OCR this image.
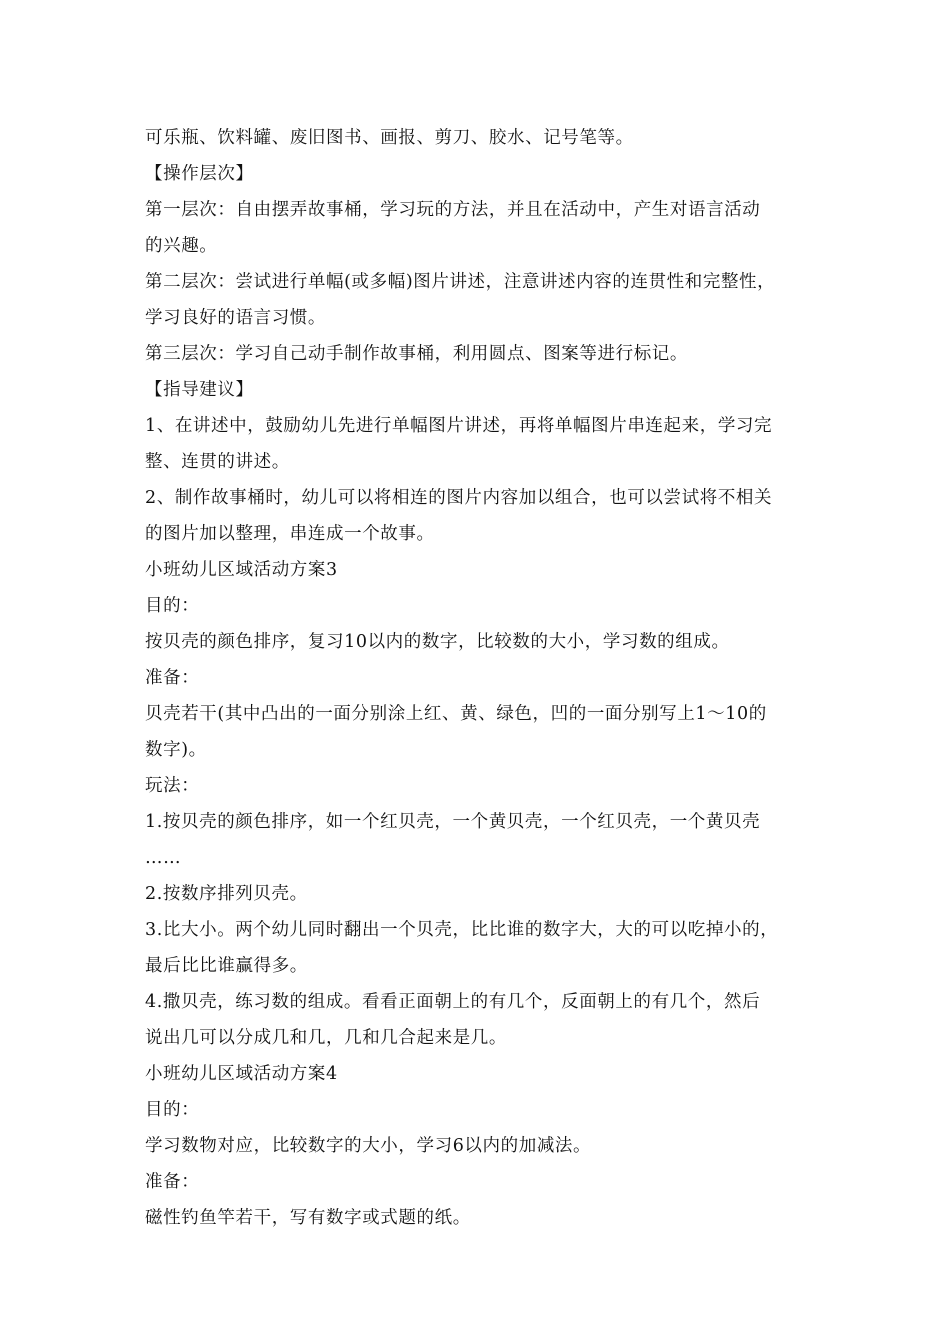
可乐瓶、饮料罐、废旧图书、画报、剪刀、胶水、记号笔等。
【操作层次】
第一层次：自由摆弄故事桶，学习玩的方法，并且在活动中，产生对语言活动
的兴趣。
第二层次：尝试进行单幅(或多幅)图片讲述，注意讲述内容的连贯性和完整性，
学习良好的语言习惯。
第三层次：学习自己动手制作故事桶，利用圆点、图案等进行标记。
【指导建议】
1、在讲述中，鼓励幼儿先进行单幅图片讲述，再将单幅图片串连起来，学习完
整、连贯的讲述。
2、制作故事桶时，幼儿可以将相连的图片内容加以组合，也可以尝试将不相关
的图片加以整理，串连成一个故事。
小班幼儿区域活动方案3
目的：
按贝壳的颜色排序，复习10以内的数字，比较数的大小，学习数的组成。
准备：
贝壳若干(其中凸出的一面分别涂上红、黄、绿色，凹的一面分别写上1～10的
数字)。
玩法：
1.按贝壳的颜色排序，如一个红贝壳，一个黄贝壳，一个红贝壳，一个黄贝壳
……
2.按数序排列贝壳。
3.比大小。两个幼儿同时翻出一个贝壳，比比谁的数字大，大的可以吃掉小的，
最后比比谁赢得多。
4.撒贝壳，练习数的组成。看看正面朝上的有几个，反面朝上的有几个，然后
说出几可以分成几和几，几和几合起来是几。
小班幼儿区域活动方案4
目的：
学习数物对应，比较数字的大小，学习6以内的加减法。
准备：
磁性钓鱼竿若干，写有数字或式题的纸。
